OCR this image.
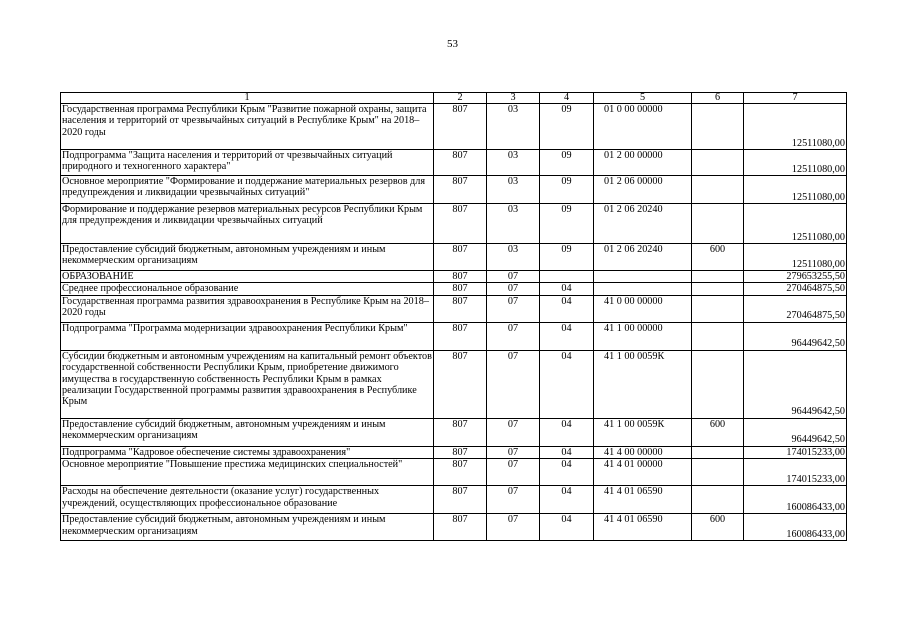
53
1	2	3	4	5	6	7
Государственная программа Республики Крым "Развитие пожарной охраны, защита населения и территорий от чрезвычайных ситуаций в Республике Крым" на 2018–2020 годы	807	03	09	01 0 00 00000		12511080,00
Подпрограмма "Защита населения и территорий от чрезвычайных ситуаций природного и техногенного характера"	807	03	09	01 2 00 00000		12511080,00
Основное мероприятие "Формирование и поддержание материальных резервов для предупреждения и ликвидации чрезвычайных ситуаций"	807	03	09	01 2 06 00000		12511080,00
Формирование и поддержание резервов материальных ресурсов Республики Крым для предупреждения и ликвидации чрезвычайных ситуаций	807	03	09	01 2 06 20240		12511080,00
Предоставление субсидий бюджетным, автономным учреждениям и иным некоммерческим организациям	807	03	09	01 2 06 20240	600	12511080,00
ОБРАЗОВАНИЕ	807	07				279653255,50
Среднее профессиональное образование	807	07	04			270464875,50
Государственная программа развития здравоохранения в Республике Крым на 2018–2020 годы	807	07	04	41 0 00 00000		270464875,50
Подпрограмма "Программа модернизации здравоохранения Республики Крым"	807	07	04	41 1 00 00000		96449642,50
Субсидии бюджетным и автономным учреждениям на капитальный ремонт объектов государственной собственности Республики Крым, приобретение движимого имущества в государственную собственность Республики Крым в рамках реализации Государственной программы развития здравоохранения в Республике Крым	807	07	04	41 1 00 0059К		96449642,50
Предоставление субсидий бюджетным, автономным учреждениям и иным некоммерческим организациям	807	07	04	41 1 00 0059К	600	96449642,50
Подпрограмма "Кадровое обеспечение системы здравоохранения"	807	07	04	41 4 00 00000		174015233,00
Основное мероприятие "Повышение престижа медицинских специальностей"	807	07	04	41 4 01 00000		174015233,00
Расходы на обеспечение деятельности (оказание услуг) государственных учреждений, осуществляющих профессиональное образование	807	07	04	41 4 01 06590		160086433,00
Предоставление субсидий бюджетным, автономным учреждениям и иным некоммерческим организациям	807	07	04	41 4 01 06590	600	160086433,00
